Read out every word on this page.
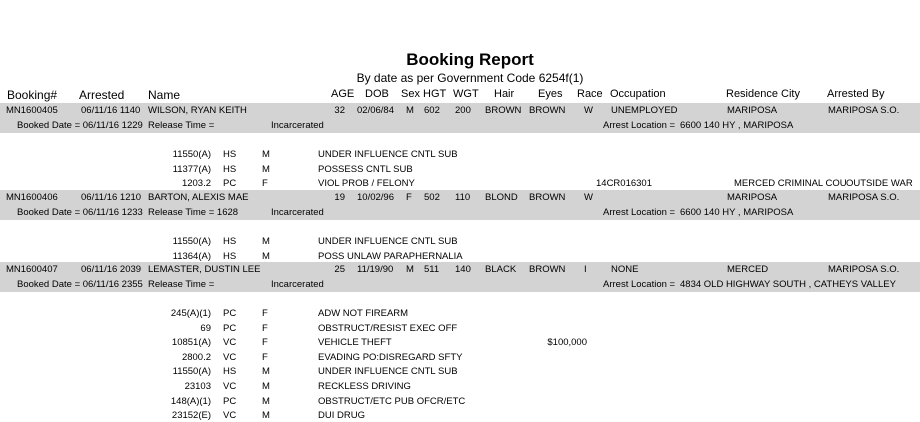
Booking Report
By date as per Government Code 6254f(1)
Booking# Arrested Name	AGE DOB Sex HGT WGT Hair Eyes Race Occupation	Residence City Arrested By
MN1600405 06/11/16 1140 WILSON, RYAN KEITH	32 02/06/84 M 602 200 BROWN BROWN W UNEMPLOYED	MARIPOSA	MARIPOSA S.O.
Booked Date = 06/11/16 1229 Release Time =	Incarcerated	Arrest Location = 6600 140 HY , MARIPOSA
11550(A) HS	M	UNDER INFLUENCE CNTL SUB
11377(A) HS	M	POSSESS CNTL SUB
1203.2 PC	F	VIOL PROB / FELONY	14CR016301	MERCED CRIMINAL COU OUTSIDE WAR
MN1600406 06/11/16 1210 BARTON, ALEXIS MAE	19 10/02/96 F 502 110 BLOND BROWN W	MARIPOSA	MARIPOSA S.O.
Booked Date = 06/11/16 1233 Release Time = 1628	Incarcerated	Arrest Location = 6600 140 HY , MARIPOSA
11550(A) HS	M	UNDER INFLUENCE CNTL SUB
11364(A) HS	M	POSS UNLAW PARAPHERNALIA
MN1600407 06/11/16 2039 LEMASTER, DUSTIN LEE	25 11/19/90 M 511 140 BLACK BROWN I	NONE	MERCED	MARIPOSA S.O.
Booked Date = 06/11/16 2355 Release Time =	Incarcerated	Arrest Location = 4834 OLD HIGHWAY SOUTH , CATHEYS VALLEY
245(A)(1) PC	F	ADW NOT FIREARM
69 PC	F	OBSTRUCT/RESIST EXEC OFF
10851(A) VC	F	VEHICLE THEFT	$100,000
2800.2 VC	F	EVADING PO:DISREGARD SFTY
11550(A) HS	M	UNDER INFLUENCE CNTL SUB
23103 VC	M	RECKLESS DRIVING
148(A)(1) PC	M	OBSTRUCT/ETC PUB OFCR/ETC
23152(E) VC	M	DUI DRUG
